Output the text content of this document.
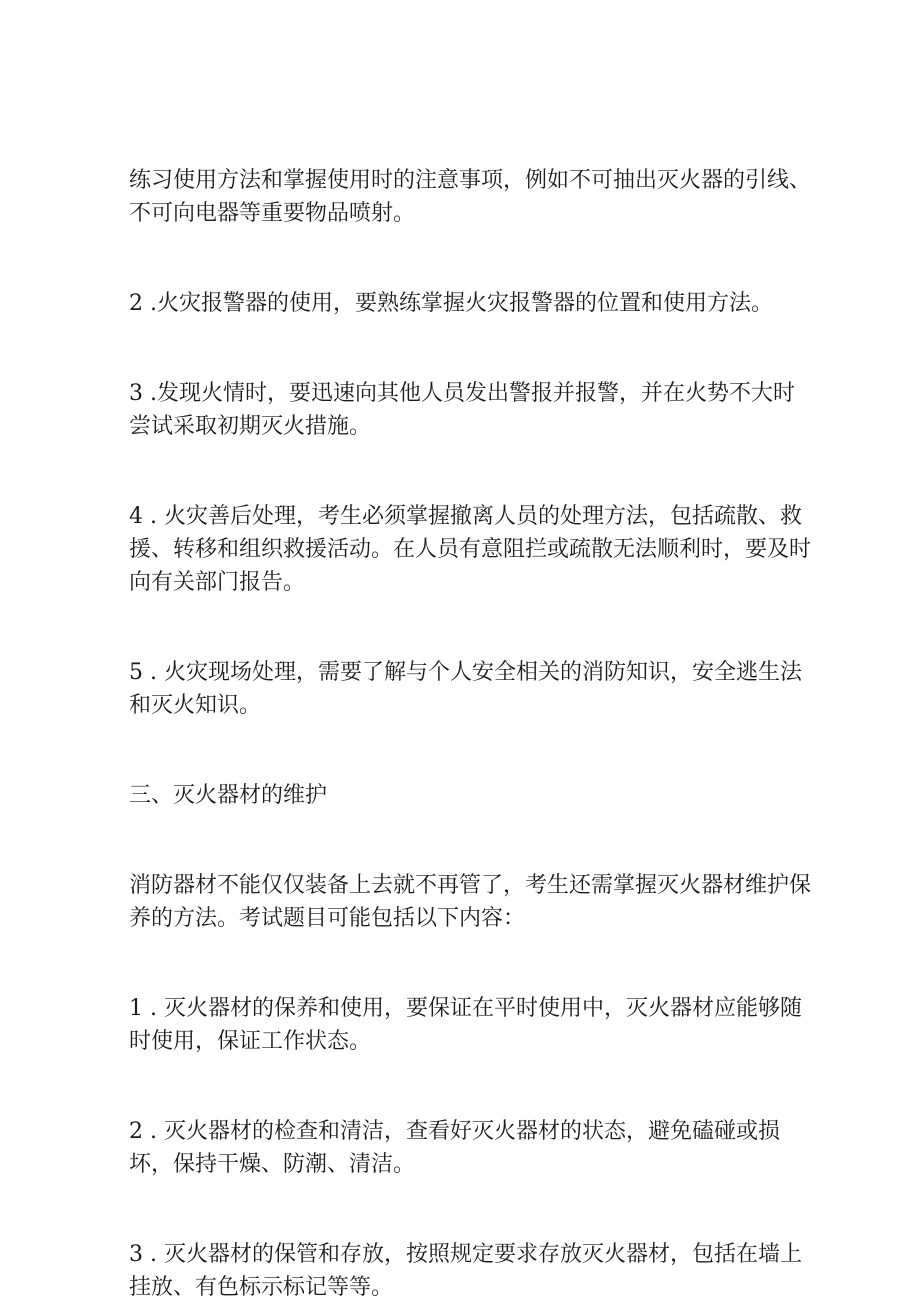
练习使用方法和掌握使用时的注意事项，例如不可抽出灭火器的引线、
不可向电器等重要物品喷射。

2 .火灾报警器的使用，要熟练掌握火灾报警器的位置和使用方法。

3 .发现火情时，要迅速向其他人员发出警报并报警，并在火势不大时
尝试采取初期灭火措施。

4 . 火灾善后处理，考生必须掌握撤离人员的处理方法，包括疏散、救
援、转移和组织救援活动。在人员有意阻拦或疏散无法顺利时，要及时
向有关部门报告。

5 . 火灾现场处理，需要了解与个人安全相关的消防知识，安全逃生法
和灭火知识。

三、灭火器材的维护

消防器材不能仅仅装备上去就不再管了，考生还需掌握灭火器材维护保
养的方法。考试题目可能包括以下内容：

1 . 灭火器材的保养和使用，要保证在平时使用中，灭火器材应能够随
时使用，保证工作状态。

2 . 灭火器材的检查和清洁，查看好灭火器材的状态，避免磕碰或损
坏，保持干燥、防潮、清洁。

3 . 灭火器材的保管和存放，按照规定要求存放灭火器材，包括在墙上
挂放、有色标示标记等等。
